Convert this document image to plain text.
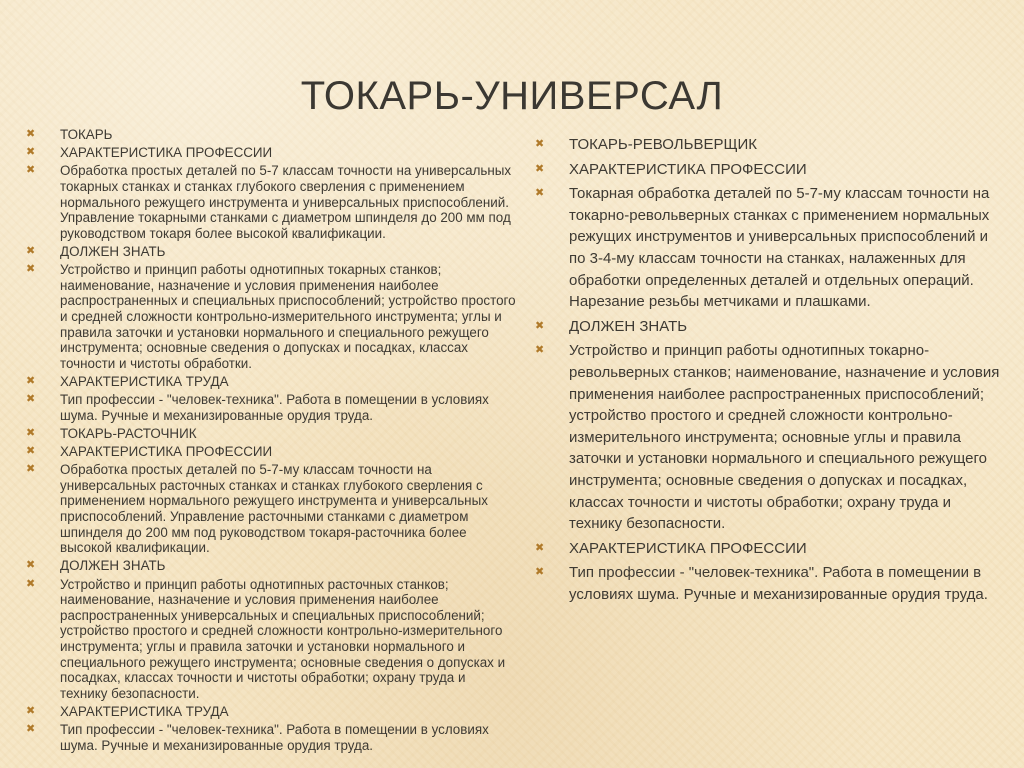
ТОКАРЬ-УНИВЕРСАЛ
✖	ТОКАРЬ
✖	ХАРАКТЕРИСТИКА ПРОФЕССИИ
✖	Обработка простых деталей по 5-7 классам точности на универсальных токарных станках и станках глубокого сверления с применением нормального режущего инструмента и универсальных приспособлений. Управление токарными станками с диаметром шпинделя до 200 мм под руководством токаря более высокой квалификации.
✖	ДОЛЖЕН ЗНАТЬ
✖	Устройство и принцип работы однотипных токарных станков; наименование, назначение и условия применения наиболее распространенных и специальных приспособлений; устройство простого и средней сложности контрольно-измерительного инструмента; углы и правила заточки и установки нормального и специального режущего инструмента; основные сведения о допусках и посадках, классах точности и чистоты обработки.
✖	ХАРАКТЕРИСТИКА ТРУДА
✖	Тип профессии - "человек-техника". Работа в помещении в условиях шума. Ручные и механизированные орудия труда.
✖	ТОКАРЬ-РАСТОЧНИК
✖	ХАРАКТЕРИСТИКА ПРОФЕССИИ
✖	Обработка простых деталей по 5-7-му классам точности на универсальных расточных станках и станках глубокого сверления с применением нормального режущего инструмента и универсальных приспособлений. Управление расточными станками с диаметром шпинделя до 200 мм под руководством токаря-расточника более высокой квалификации.
✖	ДОЛЖЕН ЗНАТЬ
✖	Устройство и принцип работы однотипных расточных станков; наименование, назначение и условия применения наиболее распространенных универсальных и специальных приспособлений; устройство простого и средней сложности контрольно-измерительного инструмента; углы и правила заточки и установки нормального и специального режущего инструмента; основные сведения о допусках и посадках, классах точности и чистоты обработки; охрану труда и технику безопасности.
✖	ХАРАКТЕРИСТИКА ТРУДА
✖	Тип профессии - "человек-техника". Работа в помещении в условиях шума. Ручные и механизированные орудия труда.
✖	ТОКАРЬ-РЕВОЛЬВЕРЩИК
✖	ХАРАКТЕРИСТИКА ПРОФЕССИИ
✖	Токарная обработка деталей по 5-7-му классам точности на токарно-револьверных станках с применением нормальных режущих инструментов и универсальных приспособлений и по 3-4-му классам точности на станках, налаженных для обработки определенных деталей и отдельных операций. Нарезание резьбы метчиками и плашками.
✖	ДОЛЖЕН ЗНАТЬ
✖	Устройство и принцип работы однотипных токарно-револьверных станков; наименование, назначение и условия применения наиболее распространенных приспособлений; устройство простого и средней сложности контрольно-измерительного инструмента; основные углы и правила заточки и установки нормального и специального режущего инструмента; основные сведения о допусках и посадках, классах точности и чистоты обработки; охрану труда и технику безопасности.
✖	ХАРАКТЕРИСТИКА ПРОФЕССИИ
✖	Тип профессии - "человек-техника". Работа в помещении в условиях шума. Ручные и механизированные орудия труда.
